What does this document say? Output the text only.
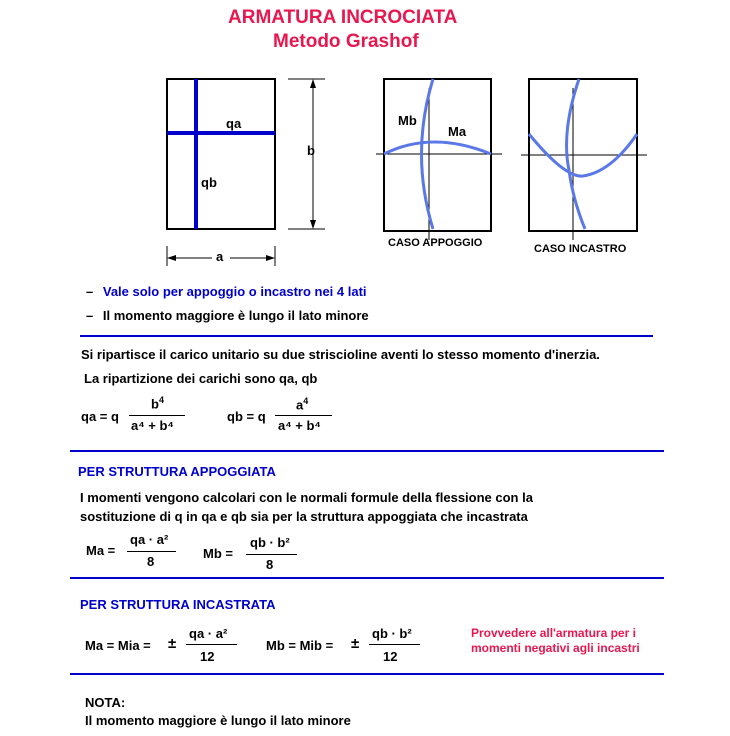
ARMATURA INCROCIATA
Metodo Grashof
qa
qb
b
a
Mb
Ma
CASO APPOGGIO	CASO INCASTRO
– Vale solo per appoggio o incastro nei 4 lati
– Il momento maggiore è lungo il lato minore
Si ripartisce il carico unitario su due striscioline aventi lo stesso momento d'inerzia.
La ripartizione dei carichi sono qa, qb
qa = q
$b^4$
a⁴ + b⁴
qb = q
$a^4$
a⁴ + b⁴
PER STRUTTURA APPOGGIATA
I momenti vengono calcolari con le normali formule della flessione con la
sostituzione di q in qa e qb sia per la struttura appoggiata che incastrata
Ma =
qa · a²
8
Mb =
qb · b²
8
PER STRUTTURA INCASTRATA
Ma = Mia = ±
qa · a²
12
Mb = Mib = ±
qb · b²
12
Provvedere all'armatura per i
momenti negativi agli incastri
NOTA:
Il momento maggiore è lungo il lato minore
